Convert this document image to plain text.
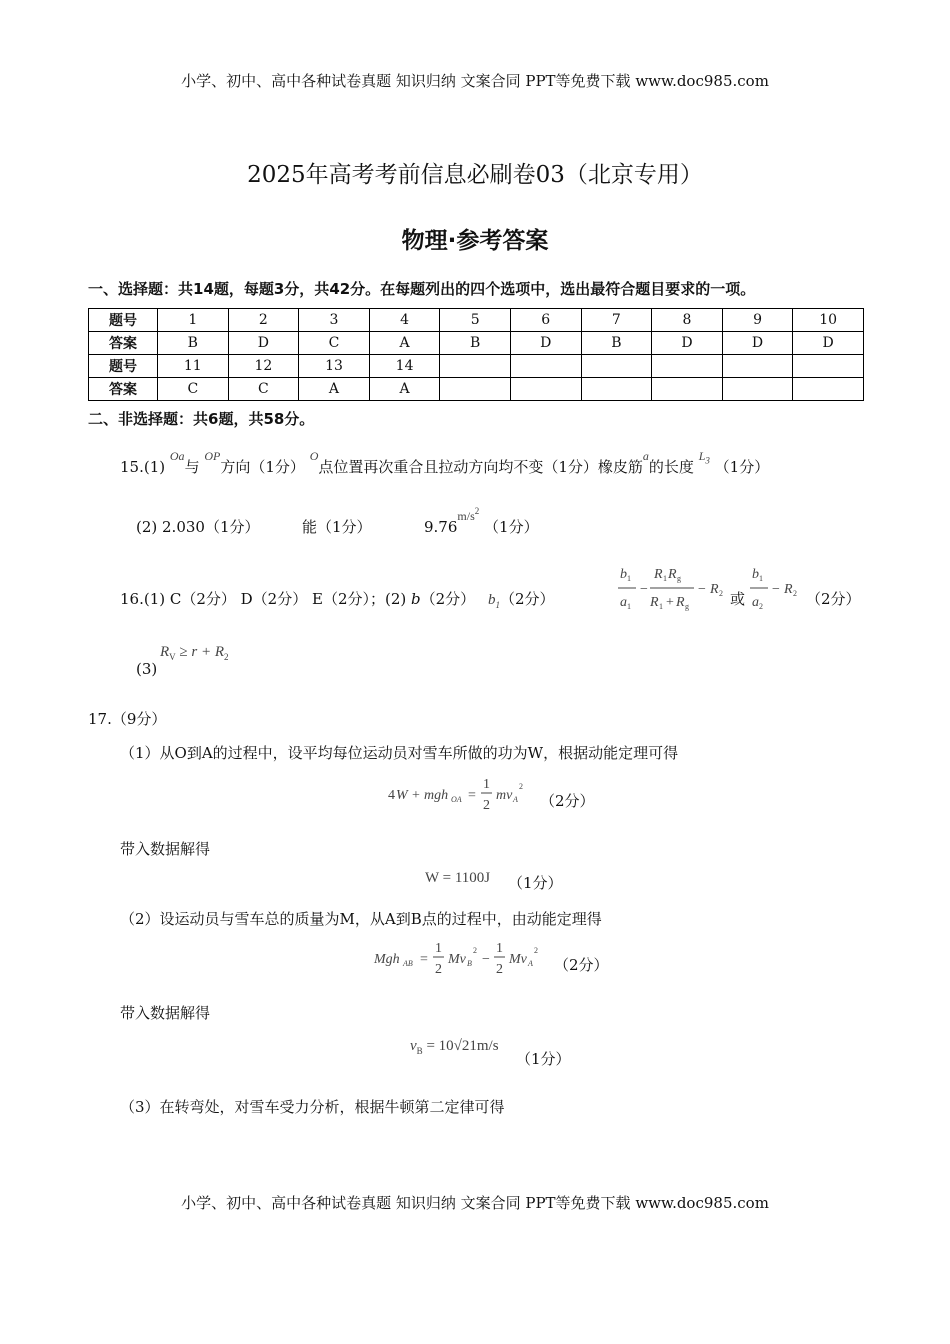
小学、初中、高中各种试卷真题 知识归纳 文案合同 PPT等免费下载 www.doc985.com
2025年高考考前信息必刷卷03（北京专用）
物理·参考答案
一、选择题：共14题，每题3分，共42分。在每题列出的四个选项中，选出最符合题目要求的一项。
题号	1	2	3	4	5	6	7	8	9	10
答案	B	D	C	A	B	D	B	D	D	D
题号	11	12	13	14						
答案	C	C	A	A						
二、非选择题：共6题，共58分。
15.(1) $^{Oa}$与 $^{OP}$方向（1分） $^O$点位置再次重合且拉动方向均不变（1分）橡皮筋$^a$的长度 $^{L_3}$ （1分）
(2) 2.030（1分）	能（1分）	$9.76^{m/s^2}$ （1分）
16.(1) C（2分） D（2分） E（2分）；(2) b（2分） $b_1(2$分）
b 1
a 1
−
R 1 R g
R 1 + R g
− R 2 或
b 1
a 2
− R 2 （2分）
(3)
$R_V \ge r + R_2$
17.（9分）
（1）从O到A的过程中，设平均每位运动员对雪车所做的功为W，根据动能定理可得
4 W + mgh OA =
1
2
mv A
2
（2分）
带入数据解得
W = 1100J （1分）
（2）设运动员与雪车总的质量为M，从A到B点的过程中，由动能定理得
Mgh AB =
1
2
Mv B
2
−
1
2
Mv A
2
（2分）
带入数据解得
$v_B = 10√21m/s$
（1分）
（3）在转弯处，对雪车受力分析，根据牛顿第二定律可得
小学、初中、高中各种试卷真题 知识归纳 文案合同 PPT等免费下载 www.doc985.com
